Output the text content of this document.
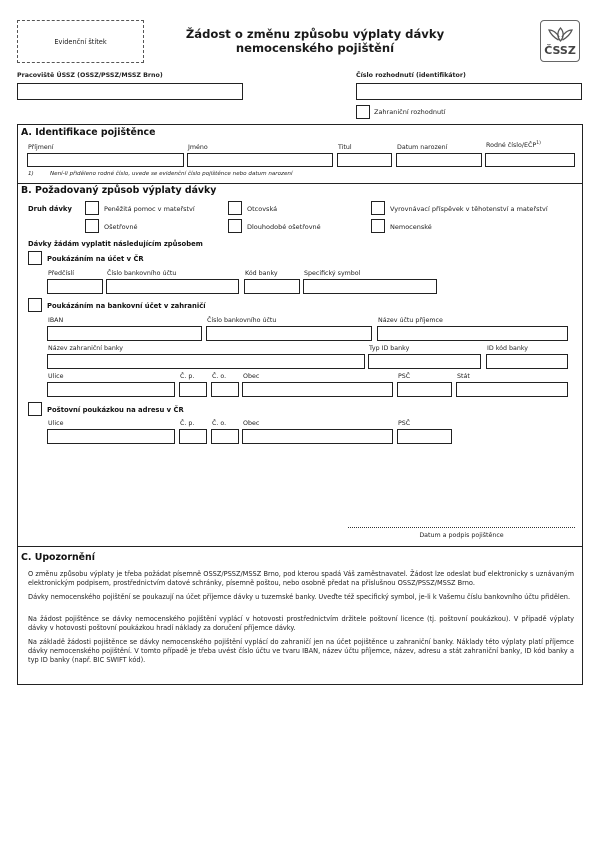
Evidenční štítek
Žádost o změnu způsobu výplaty dávky
nemocenského pojištění	ČSSZ
Pracoviště ÚSSZ (OSSZ/PSSZ/MSSZ Brno)	Číslo rozhodnutí (identifikátor)
Zahraniční rozhodnutí
A. Identifikace pojištěnce
Příjmení	Jméno	Titul	Datum narození	Rodné číslo/EČP$^{1)}$
1)	Není-li přiděleno rodné číslo, uvede se evidenční číslo pojištěnce nebo datum narození
B. Požadovaný způsob výplaty dávky
Druh dávky	Peněžitá pomoc v mateřství	Otcovská	Vyrovnávací příspěvek v těhotenství a mateřství
Ošetřovné	Dlouhodobé ošetřovné	Nemocenské
Dávky žádám vyplatit následujícím způsobem
Poukázáním na účet v ČR
Předčíslí	Číslo bankovního účtu	Kód banky	Specifický symbol
Poukázáním na bankovní účet v zahraničí
IBAN	Číslo bankovního účtu	Název účtu příjemce
Název zahraniční banky	Typ ID banky	ID kód banky
Ulice	Č. p.	Č. o.	Obec	PSČ	Stát
Poštovní poukázkou na adresu v ČR
Ulice	Č. p.	Č. o.	Obec	PSČ
Datum a podpis pojištěnce
C. Upozornění
O změnu způsobu výplaty je třeba požádat písemně OSSZ/PSSZ/MSSZ Brno, pod kterou spadá Váš zaměstnavatel. Žádost lze odeslat buď elektronicky s uznávaným elektronickým podpisem, prostřednictvím datové schránky, písemně poštou, nebo osobně předat na příslušnou OSSZ/PSSZ/MSSZ Brno.
Dávky nemocenského pojištění se poukazují na účet příjemce dávky u tuzemské banky. Uveďte též specifický symbol, je-li k Vašemu číslu bankovního účtu přidělen.
Na žádost pojištěnce se dávky nemocenského pojištění vyplácí v hotovosti prostřednictvím držitele poštovní licence (tj. poštovní poukázkou). V případě výplaty dávky v hotovosti poštovní poukázkou hradí náklady za doručení příjemce dávky.
Na základě žádosti pojištěnce se dávky nemocenského pojištění vyplácí do zahraničí jen na účet pojištěnce u zahraniční banky. Náklady této výplaty platí příjemce dávky nemocenského pojištění. V tomto případě je třeba uvést číslo účtu ve tvaru IBAN, název účtu příjemce, název, adresu a stát zahraniční banky, ID kód banky a typ ID banky (např. BIC SWIFT kód).
